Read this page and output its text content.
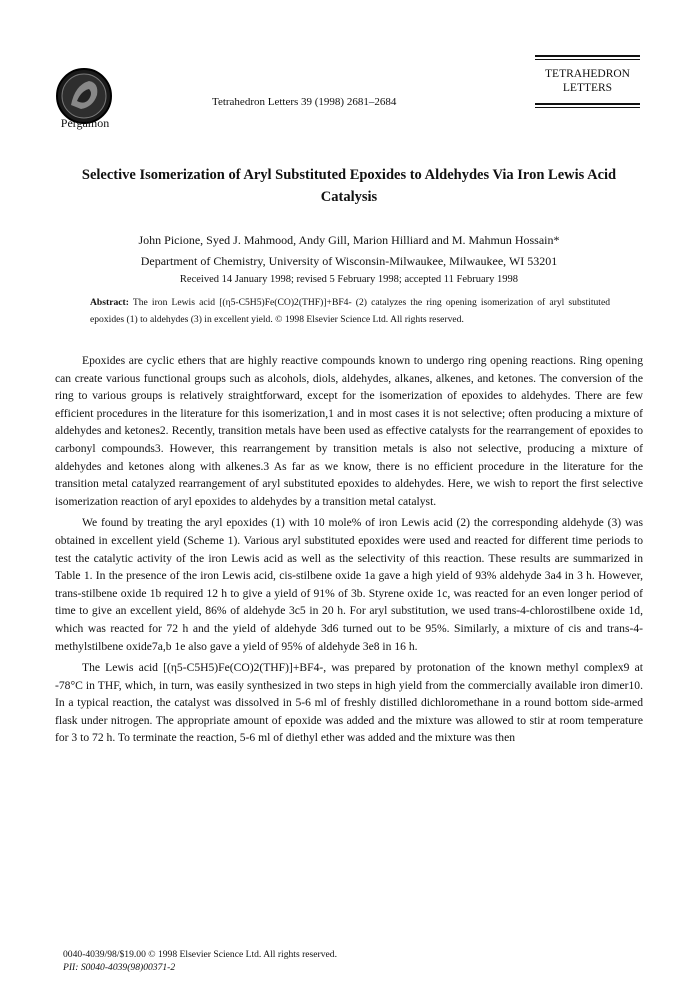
Pergamon
Tetrahedron Letters 39 (1998) 2681–2684
TETRAHEDRON
LETTERS
Selective Isomerization of Aryl Substituted Epoxides to Aldehydes Via Iron Lewis Acid Catalysis
John Picione, Syed J. Mahmood, Andy Gill, Marion Hilliard and M. Mahmun Hossain*
Department of Chemistry, University of Wisconsin-Milwaukee, Milwaukee, WI 53201
Received 14 January 1998; revised 5 February 1998; accepted 11 February 1998
Abstract: The iron Lewis acid [(η5-C5H5)Fe(CO)2(THF)]+BF4- (2) catalyzes the ring opening isomerization of aryl substituted epoxides (1) to aldehydes (3) in excellent yield. © 1998 Elsevier Science Ltd. All rights reserved.

Epoxides are cyclic ethers that are highly reactive compounds known to undergo ring opening reactions. Ring opening can create various functional groups such as alcohols, diols, aldehydes, alkanes, alkenes, and ketones. The conversion of the ring to various groups is relatively straightforward, except for the isomerization of epoxides to aldehydes. There are few efficient procedures in the literature for this isomerization,1 and in most cases it is not selective; often producing a mixture of aldehydes and ketones2. Recently, transition metals have been used as effective catalysts for the rearrangement of epoxides to carbonyl compounds3. However, this rearrangement by transition metals is also not selective, producing a mixture of aldehydes and ketones along with alkenes.3 As far as we know, there is no efficient procedure in the literature for the transition metal catalyzed rearrangement of aryl substituted epoxides to aldehydes. Here, we wish to report the first selective isomerization reaction of aryl epoxides to aldehydes by a transition metal catalyst.

We found by treating the aryl epoxides (1) with 10 mole% of iron Lewis acid (2) the corresponding aldehyde (3) was obtained in excellent yield (Scheme 1). Various aryl substituted epoxides were used and reacted for different time periods to test the catalytic activity of the iron Lewis acid as well as the selectivity of this reaction. These results are summarized in Table 1. In the presence of the iron Lewis acid, cis-stilbene oxide 1a gave a high yield of 93% aldehyde 3a4 in 3 h. However, trans-stilbene oxide 1b required 12 h to give a yield of 91% of 3b. Styrene oxide 1c, was reacted for an even longer period of time to give an excellent yield, 86% of aldehyde 3c5 in 20 h. For aryl substitution, we used trans-4-chlorostilbene oxide 1d, which was reacted for 72 h and the yield of aldehyde 3d6 turned out to be 95%. Similarly, a mixture of cis and trans-4-methylstilbene oxide7a,b 1e also gave a yield of 95% of aldehyde 3e8 in 16 h.

The Lewis acid [(η5-C5H5)Fe(CO)2(THF)]+BF4-, was prepared by protonation of the known methyl complex9 at -78°C in THF, which, in turn, was easily synthesized in two steps in high yield from the commercially available iron dimer10. In a typical reaction, the catalyst was dissolved in 5-6 ml of freshly distilled dichloromethane in a round bottom side-armed flask under nitrogen. The appropriate amount of epoxide was added and the mixture was allowed to stir at room temperature for 3 to 72 h. To terminate the reaction, 5-6 ml of diethyl ether was added and the mixture was then

0040-4039/98/$19.00 © 1998 Elsevier Science Ltd. All rights reserved.
PII: S0040-4039(98)00371-2
